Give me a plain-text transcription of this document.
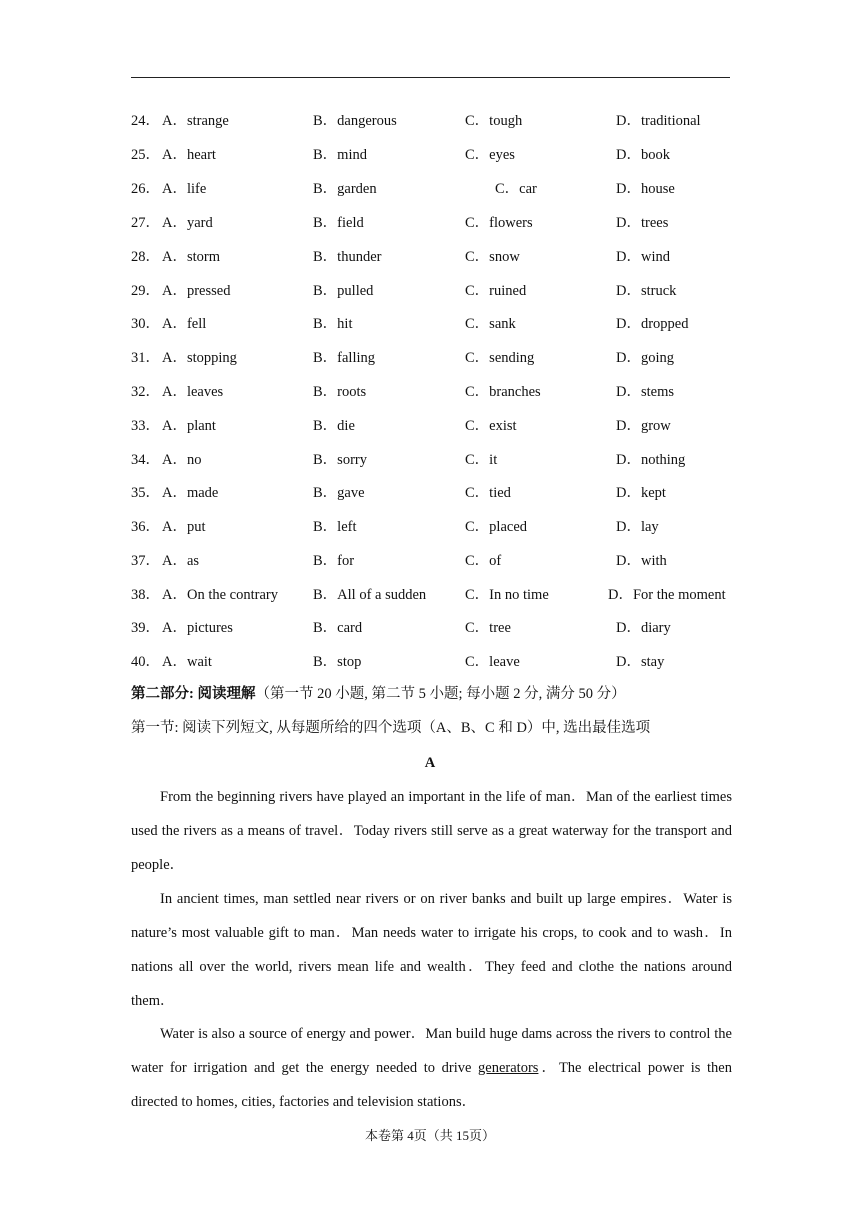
24． A．strange	B．dangerous	C．tough	D．traditional
25． A．heart	B．mind	C．eyes	D．book
26． A．life	B．garden	C．car	D．house
27． A．yard	B．field	C．flowers	D．trees
28． A．storm	B．thunder	C．snow	D．wind
29． A．pressed	B．pulled	C．ruined	D．struck
30． A．fell	B．hit	C．sank	D．dropped
31． A．stopping	B．falling	C．sending	D．going
32． A．leaves	B．roots	C．branches	D．stems
33． A．plant	B．die	C．exist	D．grow
34． A．no	B．sorry	C．it	D．nothing
35． A．made	B．gave	C．tied	D．kept
36． A．put	B．left	C．placed	D．lay
37． A．as	B．for	C．of	D．with
38． A．On the contrary B．All of a sudden	C．In no time	D．For the moment
39． A．pictures	B．card	C．tree	D．diary
40． A．wait	B．stop	C．leave	D．stay
第二部分: 阅读理解（第一节 20 小题, 第二节 5 小题; 每小题 2 分, 满分 50 分）
第一节: 阅读下列短文, 从每题所给的四个选项（A、B、C 和 D）中, 选出最佳选项
A

From the beginning rivers have played an important in the life of man．Man of the earliest times used the rivers as a means of travel．Today rivers still serve as a great waterway for the transport and people．

In ancient times, man settled near rivers or on river banks and built up large empires．Water is nature’s most valuable gift to man．Man needs water to irrigate his crops, to cook and to wash．In nations all over the world, rivers mean life and wealth．They feed and clothe the nations around them．

Water is also a source of energy and power．Man build huge dams across the rivers to control the water for irrigation and get the energy needed to drive generators．The electrical power is then directed to homes, cities, factories and television stations．

本卷第 4页（共 15页）
